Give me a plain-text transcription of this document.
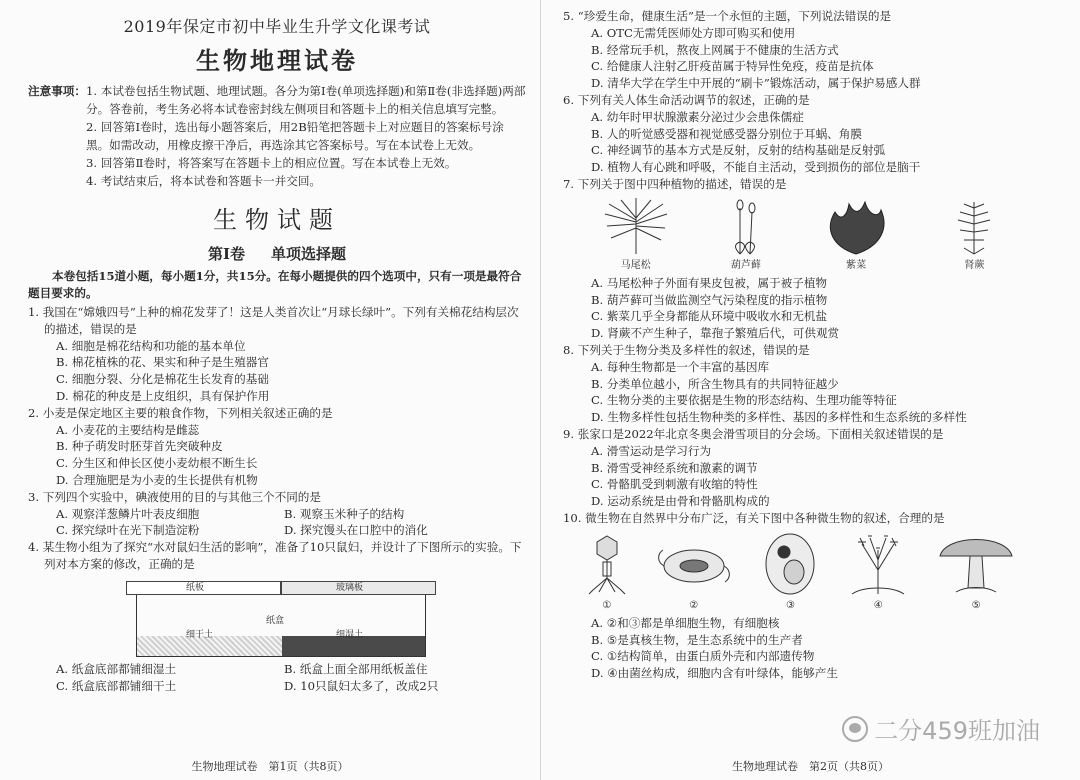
2019年保定市初中毕业生升学文化课考试
生物地理试卷
注意事项： 1. 本试卷包括生物试题、地理试题。各分为第Ⅰ卷(单项选择题)和第Ⅱ卷(非选择题)两部分。答卷前，考生务必将本试卷密封线左侧项目和答题卡上的相关信息填写完整。
2. 回答第Ⅰ卷时，选出每小题答案后，用2B铅笔把答题卡上对应题目的答案标号涂黑。如需改动，用橡皮擦干净后，再选涂其它答案标号。写在本试卷上无效。
3. 回答第Ⅱ卷时，将答案写在答题卡上的相应位置。写在本试卷上无效。
4. 考试结束后，将本试卷和答题卡一并交回。
生物试题
第Ⅰ卷 单项选择题
本卷包括15道小题，每小题1分，共15分。在每小题提供的四个选项中，只有一项是最符合题目要求的。
1. 我国在“嫦娥四号”上种的棉花发芽了！这是人类首次让“月球长绿叶”。下列有关棉花结构层次的描述，错误的是
A. 细胞是棉花结构和功能的基本单位
B. 棉花植株的花、果实和种子是生殖器官
C. 细胞分裂、分化是棉花生长发育的基础
D. 棉花的种皮是上皮组织，具有保护作用
2. 小麦是保定地区主要的粮食作物，下列相关叙述正确的是
A. 小麦花的主要结构是雌蕊
B. 种子萌发时胚芽首先突破种皮
C. 分生区和伸长区使小麦幼根不断生长
D. 合理施肥是为小麦的生长提供有机物
3. 下列四个实验中，碘液使用的目的与其他三个不同的是
A. 观察洋葱鳞片叶表皮细胞	B. 观察玉米种子的结构
C. 探究绿叶在光下制造淀粉	D. 探究馒头在口腔中的消化
4. 某生物小组为了探究“水对鼠妇生活的影响”，准备了10只鼠妇，并设计了下图所示的实验。下列对本方案的修改，正确的是
纸板	玻璃板
纸盒
细干土	细湿土
A. 纸盒底部都铺细湿土	B. 纸盒上面全部用纸板盖住
C. 纸盒底部都铺细干土	D. 10只鼠妇太多了，改成2只
生物地理试卷　第1页（共8页）
5. “珍爱生命，健康生活”是一个永恒的主题，下列说法错误的是
A. OTC无需凭医师处方即可购买和使用
B. 经常玩手机，熬夜上网属于不健康的生活方式
C. 给健康人注射乙肝疫苗属于特异性免疫，疫苗是抗体
D. 清华大学在学生中开展的“刷卡”锻炼活动，属于保护易感人群
6. 下列有关人体生命活动调节的叙述，正确的是
A. 幼年时甲状腺激素分泌过少会患侏儒症
B. 人的听觉感受器和视觉感受器分别位于耳蜗、角膜
C. 神经调节的基本方式是反射，反射的结构基础是反射弧
D. 植物人有心跳和呼吸，不能自主活动，受到损伤的部位是脑干
7. 下列关于图中四种植物的描述，错误的是
马尾松	葫芦藓	紫菜	肾蕨
A. 马尾松种子外面有果皮包被，属于被子植物
B. 葫芦藓可当做监测空气污染程度的指示植物
C. 紫菜几乎全身都能从环境中吸收水和无机盐
D. 肾蕨不产生种子，靠孢子繁殖后代，可供观赏
8. 下列关于生物分类及多样性的叙述，错误的是
A. 每种生物都是一个丰富的基因库
B. 分类单位越小，所含生物具有的共同特征越少
C. 生物分类的主要依据是生物的形态结构、生理功能等特征
D. 生物多样性包括生物种类的多样性、基因的多样性和生态系统的多样性
9. 张家口是2022年北京冬奥会滑雪项目的分会场。下面相关叙述错误的是
A. 滑雪运动是学习行为
B. 滑雪受神经系统和激素的调节
C. 骨骼肌受到刺激有收缩的特性
D. 运动系统是由骨和骨骼肌构成的
10. 微生物在自然界中分布广泛，有关下图中各种微生物的叙述，合理的是
①	②	③	④	⑤
A. ②和③都是单细胞生物，有细胞核
B. ⑤是真核生物，是生态系统中的生产者
C. ①结构简单，由蛋白质外壳和内部遗传物
D. ④由菌丝构成，细胞内含有叶绿体，能够产生
生物地理试卷　第2页（共8页）
二分459班加油
